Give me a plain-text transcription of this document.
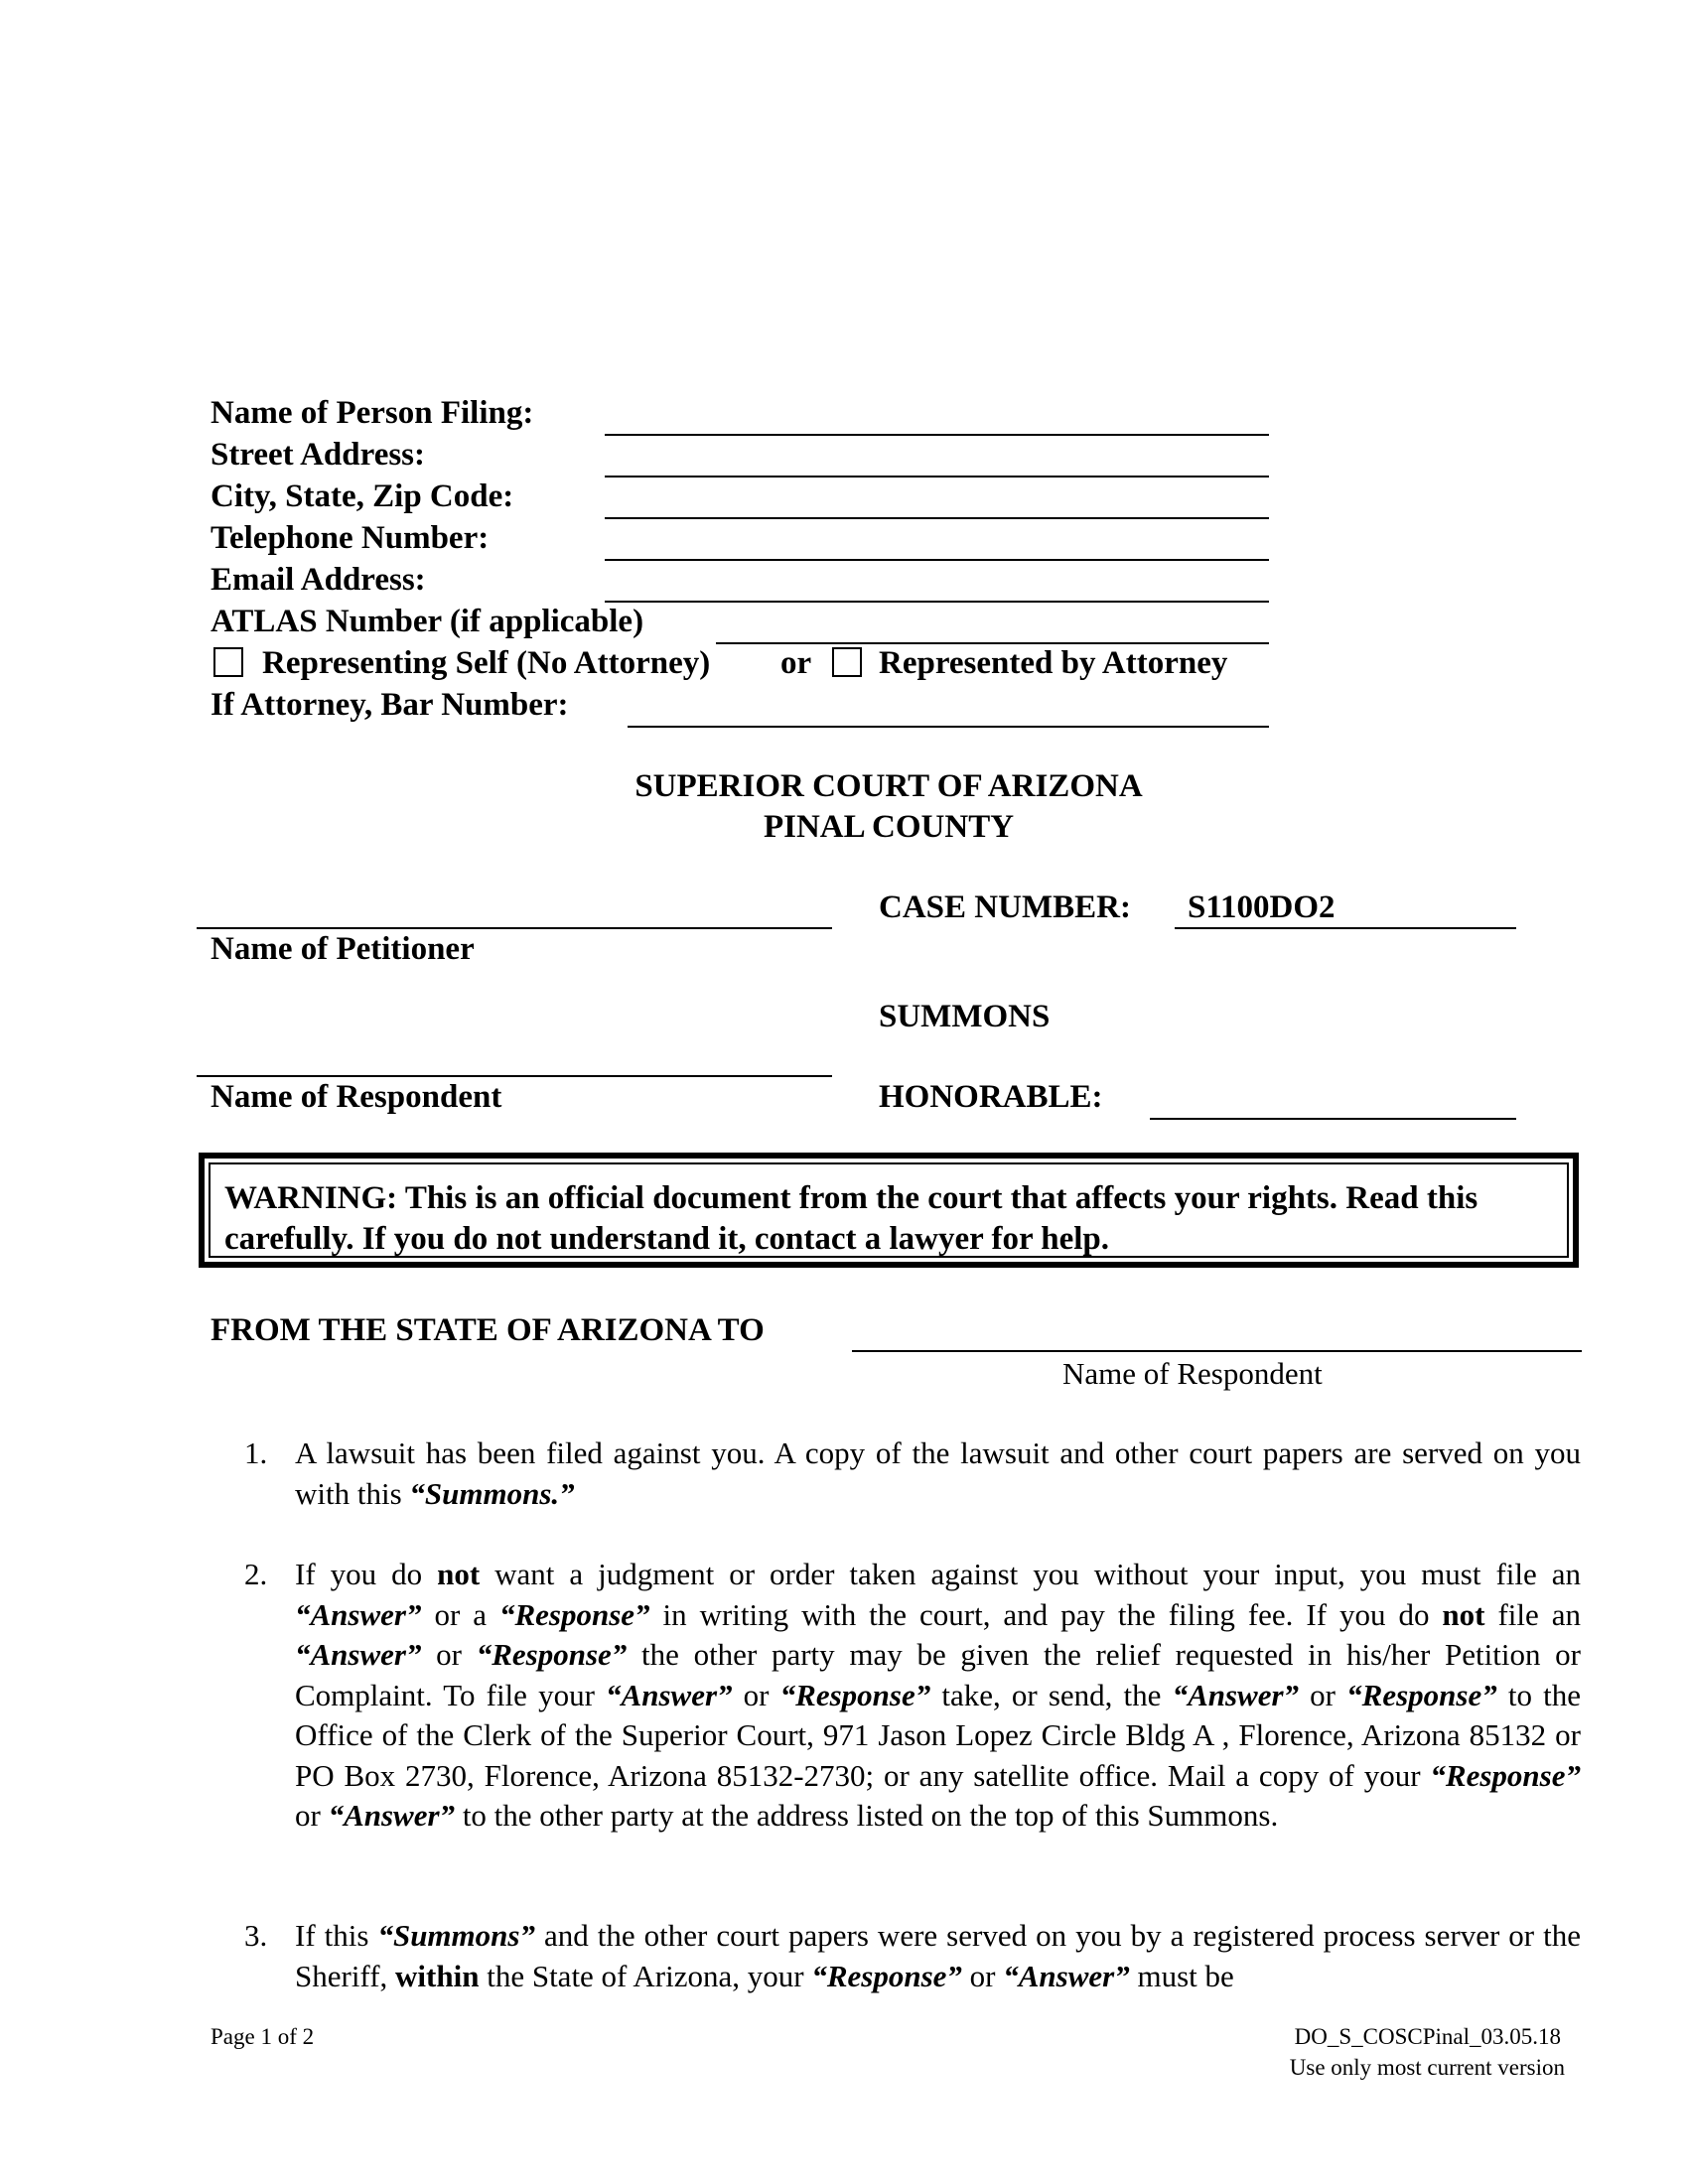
Name of Person Filing:
Street Address:
City, State, Zip Code:
Telephone Number:
Email Address:
ATLAS Number (if applicable)
Representing Self (No Attorney) or Represented by Attorney
If Attorney, Bar Number:
SUPERIOR COURT OF ARIZONA
PINAL COUNTY
Name of Petitioner
CASE NUMBER: S1100DO2
SUMMONS
Name of Respondent	HONORABLE:
WARNING: This is an official document from the court that affects your rights. Read this carefully. If you do not understand it, contact a lawyer for help.
FROM THE STATE OF ARIZONA TO
Name of Respondent
1. A lawsuit has been filed against you. A copy of the lawsuit and other court papers are served on you with this “Summons.”
2. If you do not want a judgment or order taken against you without your input, you must file an “Answer” or a “Response” in writing with the court, and pay the filing fee. If you do not file an “Answer” or “Response” the other party may be given the relief requested in his/her Petition or Complaint. To file your “Answer” or “Response” take, or send, the “Answer” or “Response” to the Office of the Clerk of the Superior Court, 971 Jason Lopez Circle Bldg A , Florence, Arizona 85132 or PO Box 2730, Florence, Arizona 85132-2730; or any satellite office. Mail a copy of your “Response” or “Answer” to the other party at the address listed on the top of this Summons.
3. If this “Summons” and the other court papers were served on you by a registered process server or the Sheriff, within the State of Arizona, your “Response” or “Answer” must be
Page 1 of 2	DO_S_COSCPinal_03.05.18
Use only most current version
